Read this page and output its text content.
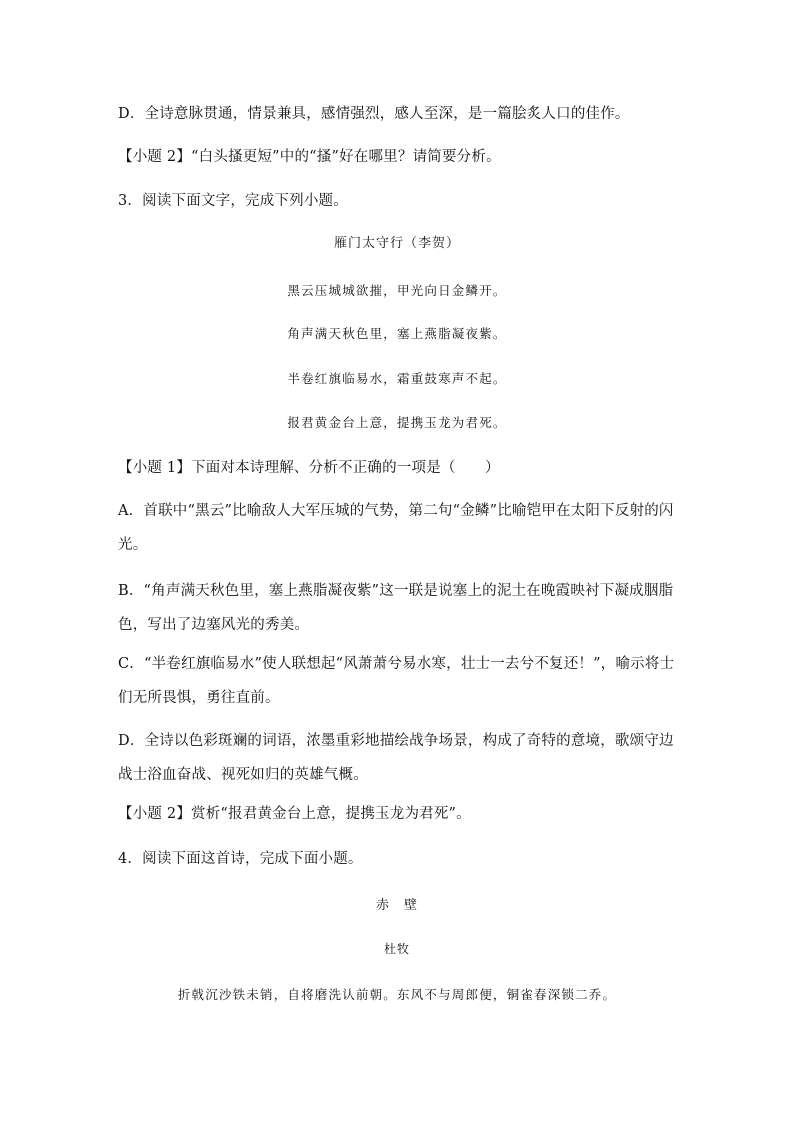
D．全诗意脉贯通，情景兼具，感情强烈，感人至深，是一篇脍炙人口的佳作。
【小题 2】“白头搔更短”中的“搔”好在哪里？请简要分析。
3．阅读下面文字，完成下列小题。
雁门太守行（李贺）
黑云压城城欲摧，甲光向日金鳞开。
角声满天秋色里，塞上燕脂凝夜紫。
半卷红旗临易水，霜重鼓寒声不起。
报君黄金台上意，提携玉龙为君死。
【小题 1】下面对本诗理解、分析不正确的一项是（　　）
A．首联中“黑云”比喻敌人大军压城的气势，第二句“金鳞”比喻铠甲在太阳下反射的闪光。
B．“角声满天秋色里，塞上燕脂凝夜紫”这一联是说塞上的泥土在晚霞映衬下凝成胭脂色，写出了边塞风光的秀美。
C．“半卷红旗临易水”使人联想起“风萧萧兮易水寒，壮士一去兮不复还！”，喻示将士们无所畏惧，勇往直前。
D．全诗以色彩斑斓的词语，浓墨重彩地描绘战争场景，构成了奇特的意境，歌颂守边战士浴血奋战、视死如归的英雄气概。
【小题 2】赏析“报君黄金台上意，提携玉龙为君死”。
4．阅读下面这首诗，完成下面小题。
赤　壁
杜牧
折戟沉沙铁未销，自将磨洗认前朝。东风不与周郎便，铜雀春深锁二乔。
